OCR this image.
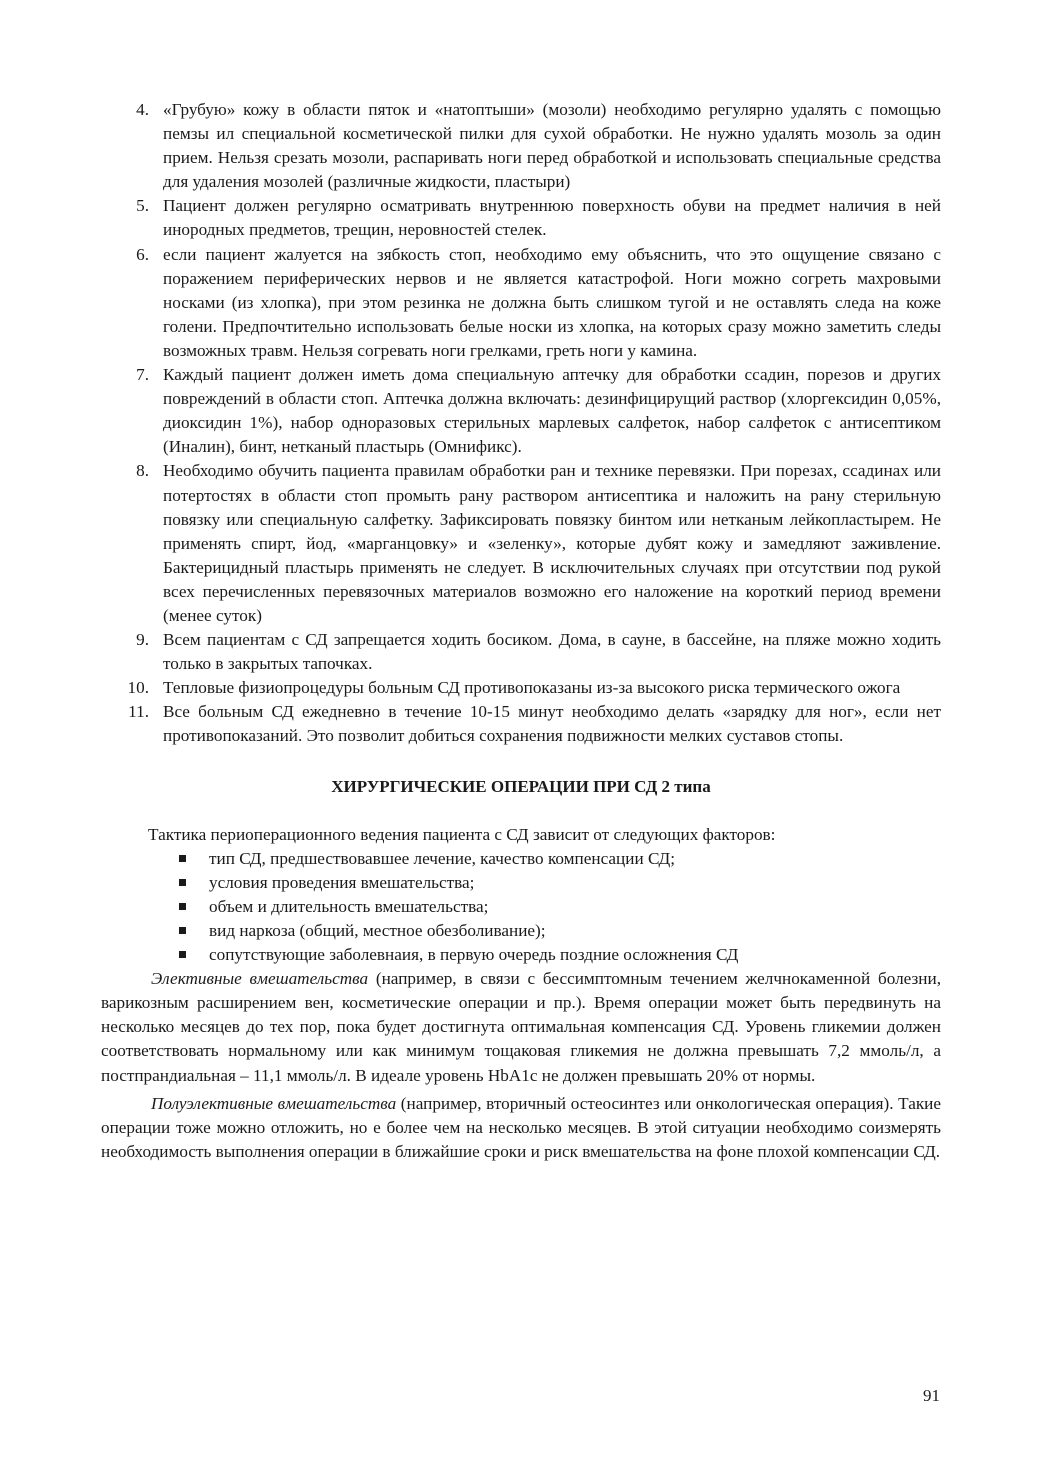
4. «Грубую» кожу в области пяток и «натоптыши» (мозоли) необходимо регулярно удалять с помощью пемзы ил специальной косметической пилки для сухой обработки. Не нужно удалять мозоль за один прием. Нельзя срезать мозоли, распаривать ноги перед обработкой и использовать специальные средства для удаления мозолей (различные жидкости, пластыри)
5. Пациент должен регулярно осматривать внутреннюю поверхность обуви на предмет наличия в ней инородных предметов, трещин, неровностей стелек.
6. если пациент жалуется на зябкость стоп, необходимо ему объяснить, что это ощущение связано с поражением периферических нервов и не является катастрофой. Ноги можно согреть махровыми носками (из хлопка), при этом резинка не должна быть слишком тугой и не оставлять следа на коже голени. Предпочтительно использовать белые носки из хлопка, на которых сразу можно заметить следы возможных травм. Нельзя согревать ноги грелками, греть ноги у камина.
7. Каждый пациент должен иметь дома специальную аптечку для обработки ссадин, порезов и других повреждений в области стоп. Аптечка должна включать: дезинфицирущий раствор (хлоргексидин 0,05%, диоксидин 1%), набор одноразовых стерильных марлевых салфеток, набор салфеток с антисептиком (Иналин), бинт, нетканый пластырь (Омнификс).
8. Необходимо обучить пациента правилам обработки ран и технике перевязки. При порезах, ссадинах или потертостях в области стоп промыть рану раствором антисептика и наложить на рану стерильную повязку или специальную салфетку. Зафиксировать повязку бинтом или нетканым лейкопластырем. Не применять спирт, йод, «марганцовку» и «зеленку», которые дубят кожу и замедляют заживление. Бактерицидный пластырь применять не следует. В исключительных случаях при отсутствии под рукой всех перечисленных перевязочных материалов возможно его наложение на короткий период времени (менее суток)
9. Всем пациентам с СД запрещается ходить босиком. Дома, в сауне, в бассейне, на пляже можно ходить только в закрытых тапочках.
10. Тепловые физиопроцедуры больным СД противопоказаны из-за высокого риска термического ожога
11. Все больным СД ежедневно в течение 10-15 минут необходимо делать «зарядку для ног», если нет противопоказаний. Это позволит добиться сохранения подвижности мелких суставов стопы.
ХИРУРГИЧЕСКИЕ ОПЕРАЦИИ ПРИ СД 2 типа

Тактика периоперационного ведения пациента с СД зависит от следующих факторов:

тип СД, предшествовавшее лечение, качество компенсации СД;
условия проведения вмешательства;
объем и длительность вмешательства;
вид наркоза (общий, местное обезболивание);
сопутствующие заболевнаия, в первую очередь поздние осложнения СД

Элективные вмешательства (например, в связи с бессимптомным течением желчнокаменной болезни, варикозным расширением вен, косметические операции и пр.). Время операции может быть передвинуть на несколько месяцев до тех пор, пока будет достигнута оптимальная компенсация СД. Уровень гликемии должен соответствовать нормальному или как минимум тощаковая гликемия не должна превышать 7,2 ммоль/л, а постпрандиальная – 11,1 ммоль/л. В идеале уровень HbA1c не должен превышать 20% от нормы.

Полуэлективные вмешательства (например, вторичный остеосинтез или онкологическая операция). Такие операции тоже можно отложить, но е более чем на несколько месяцев. В этой ситуации необходимо соизмерять необходимость выполнения операции в ближайшие сроки и риск вмешательства на фоне плохой компенсации СД.

91
